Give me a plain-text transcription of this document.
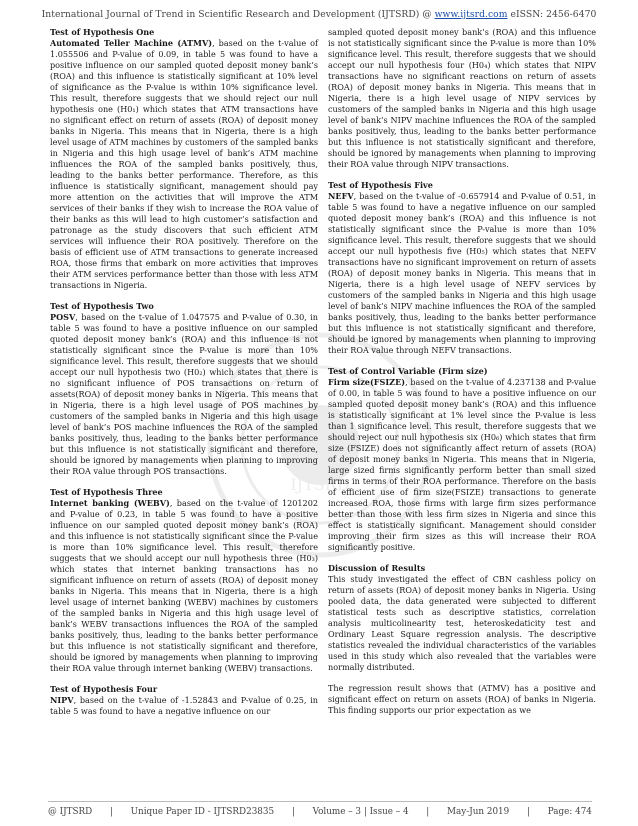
International Journal of Trend in Scientific Research and Development (IJTSRD) @ www.ijtsrd.com eISSN: 2456-6470
in Scie
IJTSRD

Test of Hypothesis One
Automated Teller Machine (ATMV), based on the t-value of 1.055506 and P-value of 0.09, in table 5 was found to have a positive influence on our sampled quoted deposit money bank’s (ROA) and this influence is statistically significant at 10% level of significance as the P-value is within 10% significance level. This result, therefore suggests that we should reject our null hypothesis one (H0₁) which states that ATM transactions have no significant effect on return of assets (ROA) of deposit money banks in Nigeria. This means that in Nigeria, there is a high level usage of ATM machines by customers of the sampled banks in Nigeria and this high usage level of bank’s ATM machine influences the ROA of the sampled banks positively, thus, leading to the banks better performance. Therefore, as this influence is statistically significant, management should pay more attention on the activities that will improve the ATM services of their banks if they wish to increase the ROA value of their banks as this will lead to high customer’s satisfaction and patronage as the study discovers that such efficient ATM services will influence their ROA positively. Therefore on the basis of efficient use of ATM transactions to generate increased ROA, those firms that embark on more activities that improves their ATM services performance better than those with less ATM transactions in Nigeria.

Test of Hypothesis Two
POSV, based on the t-value of 1.047575 and P-value of 0.30, in table 5 was found to have a positive influence on our sampled quoted deposit money bank’s (ROA) and this influence is not statistically significant since the P-value is more than 10% significance level. This result, therefore suggests that we should accept our null hypothesis two (H0₂) which states that there is no significant influence of POS transactions on return of assets(ROA) of deposit money banks in Nigeria. This means that in Nigeria, there is a high level usage of POS machines by customers of the sampled banks in Nigeria and this high usage level of bank’s POS machine influences the ROA of the sampled banks positively, thus, leading to the banks better performance but this influence is not statistically significant and therefore, should be ignored by managements when planning to improving their ROA value through POS transactions.

Test of Hypothesis Three
Internet banking (WEBV), based on the t-value of 1201202 and P-value of 0.23, in table 5 was found to have a positive influence on our sampled quoted deposit money bank’s (ROA) and this influence is not statistically significant since the P-value is more than 10% significance level. This result, therefore suggests that we should accept our null hypothesis three (H0₃) which states that internet banking transactions has no significant influence on return of assets (ROA) of deposit money banks in Nigeria. This means that in Nigeria, there is a high level usage of internet banking (WEBV) machines by customers of the sampled banks in Nigeria and this high usage level of bank’s WEBV transactions influences the ROA of the sampled banks positively, thus, leading to the banks better performance but this influence is not statistically significant and therefore, should be ignored by managements when planning to improving their ROA value through internet banking (WEBV) transactions.

Test of Hypothesis Four
NIPV, based on the t-value of -1.52843 and P-value of 0.25, in table 5 was found to have a negative influence on our

sampled quoted deposit money bank’s (ROA) and this influence is not statistically significant since the P-value is more than 10% significance level. This result, therefore suggests that we should accept our null hypothesis four (H0₄) which states that NIPV transactions have no significant reactions on return of assets (ROA) of deposit money banks in Nigeria. This means that in Nigeria, there is a high level usage of NIPV services by customers of the sampled banks in Nigeria and this high usage level of bank’s NIPV machine influences the ROA of the sampled banks positively, thus, leading to the banks better performance but this influence is not statistically significant and therefore, should be ignored by managements when planning to improving their ROA value through NIPV transactions.

Test of Hypothesis Five
NEFV, based on the t-value of -0.657914 and P-value of 0.51, in table 5 was found to have a negative influence on our sampled quoted deposit money bank’s (ROA) and this influence is not statistically significant since the P-value is more than 10% significance level. This result, therefore suggests that we should accept our null hypothesis five (H0₅) which states that NEFV transactions have no significant improvement on return of assets (ROA) of deposit money banks in Nigeria. This means that in Nigeria, there is a high level usage of NEFV services by customers of the sampled banks in Nigeria and this high usage level of bank’s NIPV machine influences the ROA of the sampled banks positively, thus, leading to the banks better performance but this influence is not statistically significant and therefore, should be ignored by managements when planning to improving their ROA value through NEFV transactions.

Test of Control Variable (Firm size)
Firm size(FSIZE), based on the t-value of 4.237138 and P-value of 0.00, in table 5 was found to have a positive influence on our sampled quoted deposit money bank’s (ROA) and this influence is statistically significant at 1% level since the P-value is less than 1 significance level. This result, therefore suggests that we should reject our null hypothesis six (H0₆) which states that firm size (FSIZE) does not significantly affect return of assets (ROA) of deposit money banks in Nigeria. This means that in Nigeria, large sized firms significantly perform better than small sized firms in terms of their ROA performance. Therefore on the basis of efficient use of firm size(FSIZE) transactions to generate increased ROA, those firms with large firm sizes performance better than those with less firm sizes in Nigeria and since this effect is statistically significant. Management should consider improving their firm sizes as this will increase their ROA significantly positive.

Discussion of Results
This study investigated the effect of CBN cashless policy on return of assets (ROA) of deposit money banks in Nigeria. Using pooled data, the data generated were subjected to different statistical tests such as descriptive statistics, correlation analysis multicolinearity test, heteroskedaticity test and Ordinary Least Square regression analysis. The descriptive statistics revealed the individual characteristics of the variables used in this study which also revealed that the variables were normally distributed.

The regression result shows that (ATMV) has a positive and significant effect on return on assets (ROA) of banks in Nigeria. This finding supports our prior expectation as we

@ IJTSRD | Unique Paper ID - IJTSRD23835 | Volume – 3 | Issue – 4 | May-Jun 2019 | Page: 474
